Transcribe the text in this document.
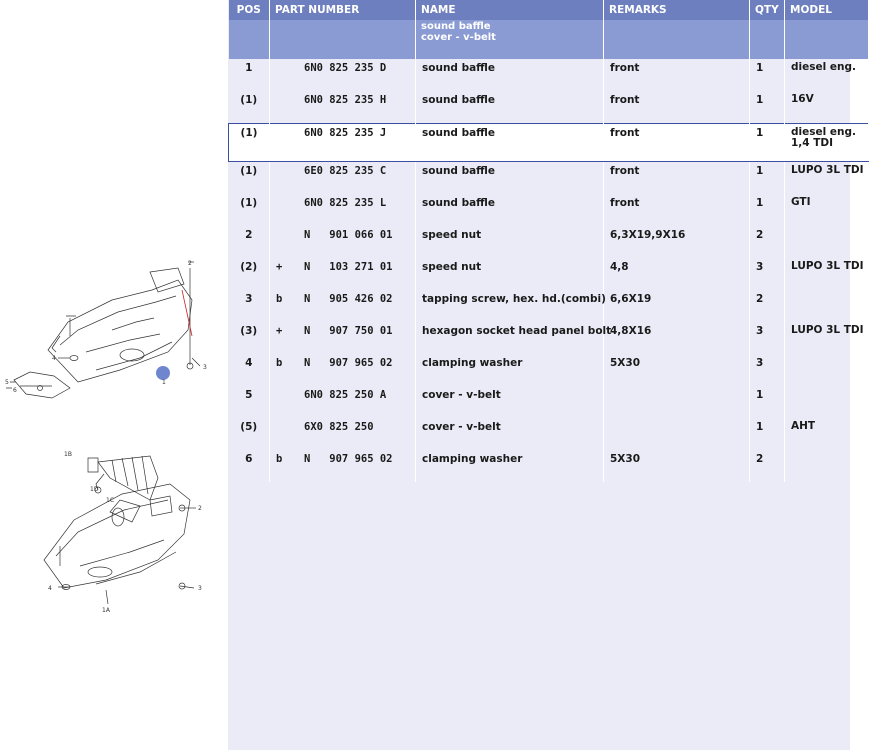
2
4
5
6
3
1
1B
1D
1C
2
4	3
1A
POS	PART NUMBER	NAME	REMARKS	QTY	MODEL

		sound baffle
cover - v-belt			

1	6N0 825 235 D	sound baffle	front	1	diesel eng.

(1)	6N0 825 235 H	sound baffle	front	1	16V

(1)	6N0 825 235 J	sound baffle	front	1	diesel eng.
1,4 TDI

(1)	6E0 825 235 C	sound baffle	front	1	LUPO 3L TDI

(1)	6N0 825 235 L	sound baffle	front	1	GTI

2	N   901 066 01	speed nut	6,3X19,9X16	2	

(2)	+ N   103 271 01	speed nut	4,8	3	LUPO 3L TDI

3	b N   905 426 02	tapping screw, hex. hd.(combi)	6,6X19	2	

(3)	+ N   907 750 01	hexagon socket head panel bolt	4,8X16	3	LUPO 3L TDI

4	b N   907 965 02	clamping washer	5X30	3	

5	6N0 825 250 A	cover - v-belt		1	

(5)	6X0 825 250	cover - v-belt		1	AHT

6	b N   907 965 02	clamping washer	5X30	2	
